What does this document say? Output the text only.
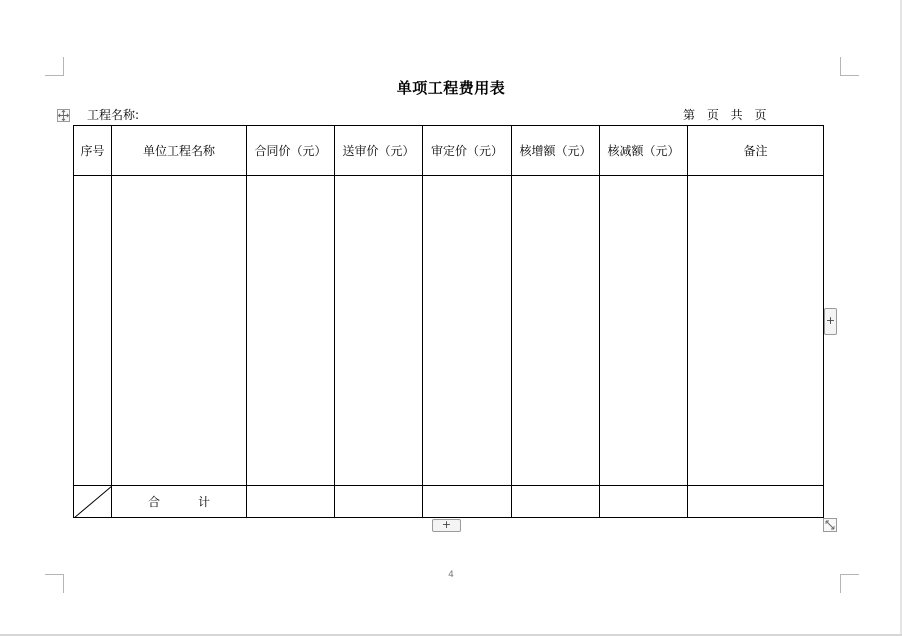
单项工程费用表
工程名称:	第 页 共 页
序号	单位工程名称	合同价（元）	送审价（元）	审定价（元）	核增额（元）	核减额（元）	备注

	合 计						
+
+
4
